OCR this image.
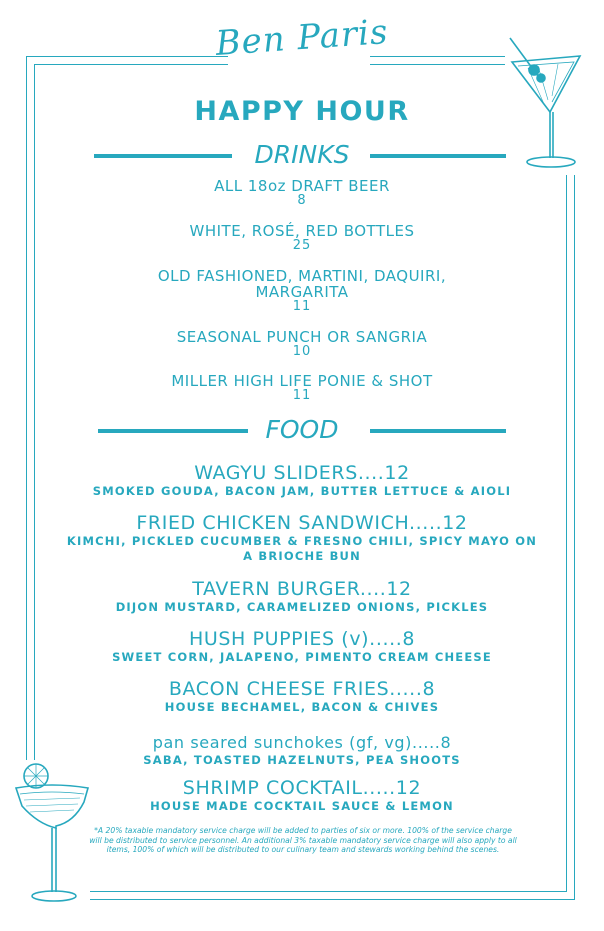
Ben Paris
HAPPY HOUR
DRINKS
ALL 18oz DRAFT BEER
8
WHITE, ROSÉ, RED BOTTLES
25
OLD FASHIONED, MARTINI, DAQUIRI,
MARGARITA
11
SEASONAL PUNCH OR SANGRIA
10
MILLER HIGH LIFE PONIE & SHOT
11
FOOD
WAGYU SLIDERS....12
SMOKED GOUDA, BACON JAM, BUTTER LETTUCE & AIOLI
FRIED CHICKEN SANDWICH.....12
KIMCHI, PICKLED CUCUMBER & FRESNO CHILI, SPICY MAYO ON A BRIOCHE BUN
TAVERN BURGER....12
DIJON MUSTARD, CARAMELIZED ONIONS, PICKLES
HUSH PUPPIES (v).....8
SWEET CORN, JALAPENO, PIMENTO CREAM CHEESE
BACON CHEESE FRIES.....8
HOUSE BECHAMEL, BACON & CHIVES
pan seared sunchokes (gf, vg).....8
SABA, TOASTED HAZELNUTS, PEA SHOOTS
SHRIMP COCKTAIL.....12
HOUSE MADE COCKTAIL SAUCE & LEMON
*A 20% taxable mandatory service charge will be added to parties of six or more. 100% of the service charge will be distributed to service personnel. An additional 3% taxable mandatory service charge will also apply to all items, 100% of which will be distributed to our culinary team and stewards working behind the scenes.
